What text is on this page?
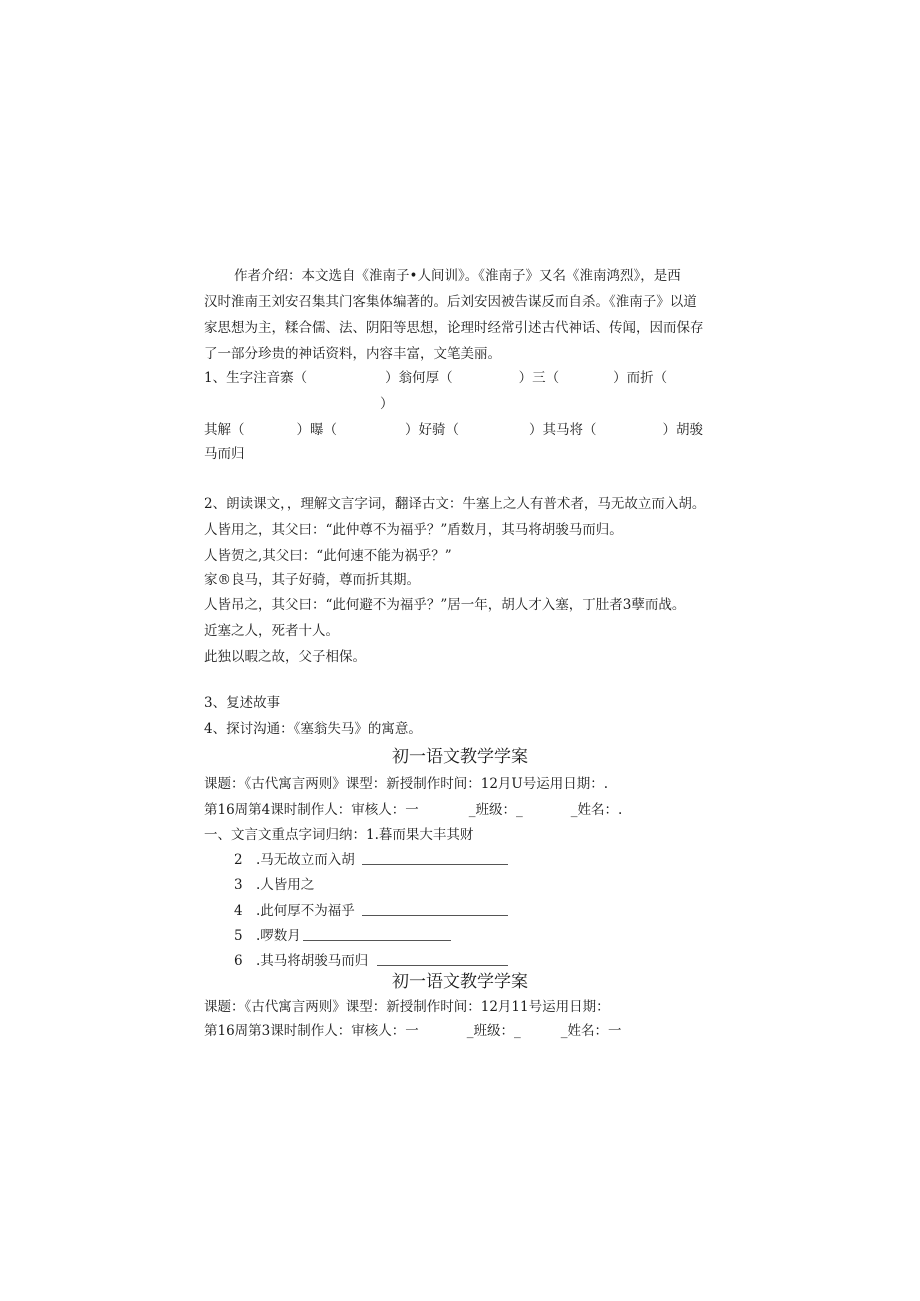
作者介绍：本文选自《淮南子•人间训》。《淮南子》又名《淮南鸿烈》，是西
汉时淮南王刘安召集其门客集体编著的。后刘安因被告谋反而自杀。《淮南子》以道
家思想为主，糅合儒、法、阴阳等思想，论理时经常引述古代神话、传闻，因而保存
了一部分珍贵的神话资料，内容丰富，文笔美丽。
1、生字注音寨（	）翁何厚（	）三（	）而折（
）
其解（	）曝（	）好骑（	）其马将（	）胡骏
马而归
2、朗读课文，，理解文言字词，翻译古文：牛塞上之人有普术者，马无故立而入胡。
人皆用之，其父曰：“此仲尊不为福乎？”盾数月，其马将胡骏马而归。
人皆贺之,其父曰：“此何速不能为祸乎？”
家®良马，其子好骑，尊而折其期。
人皆吊之，其父曰：“此何避不为福乎？”居一年，胡人才入塞，丁肚者3孽而战。
近塞之人，死者十人。
此独以暇之故，父子相保。
3、复述故事
4、探讨沟通：《塞翁失马》的寓意。
初一语文教学学案
课题：《古代寓言两则》课型：新授制作时间：12月U号运用日期：.
第16周第4课时制作人：审核人：一	_班级：_	_姓名：.
一、文言文重点字词归纳：1.暮而果大丰其财
2 .马无故立而入胡
3 .人皆用之
4 .此何厚不为福乎
5 .啰数月
6 .其马将胡骏马而归
初一语文教学学案
课题：《古代寓言两则》课型：新授制作时间：12月11号运用日期：
第16周第3课时制作人：审核人：一	_班级：_	_姓名：一
